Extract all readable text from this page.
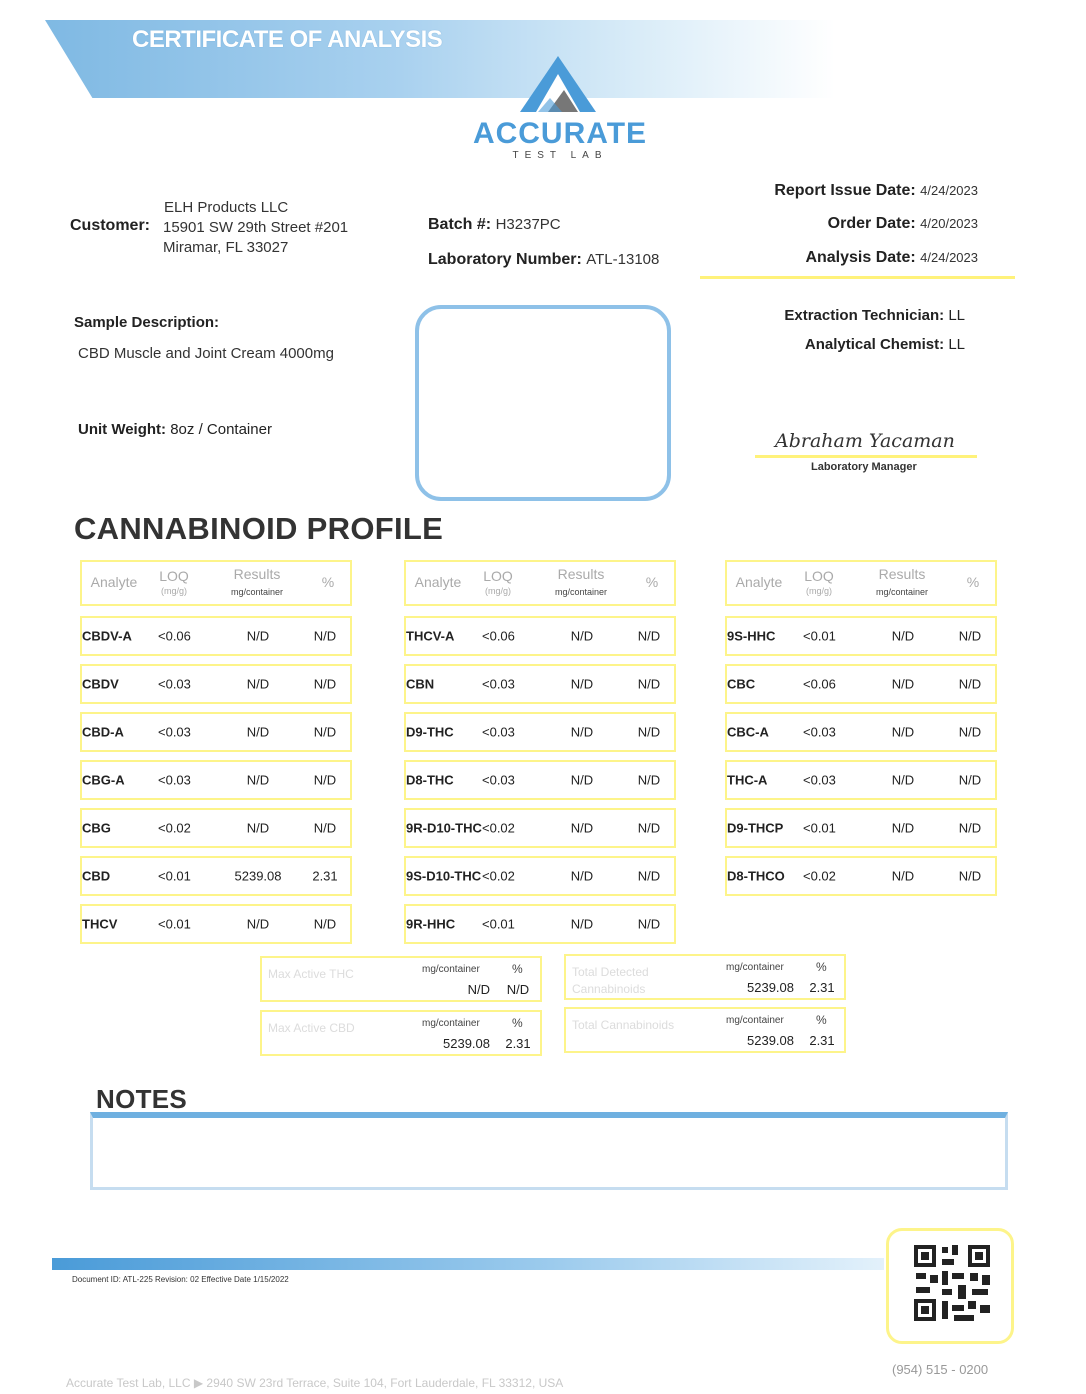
CERTIFICATE OF ANALYSIS
ACCURATE
TEST LAB
Customer:
ELH Products LLC
15901 SW 29th Street #201
Miramar, FL 33027
Batch #: H3237PC
Laboratory Number: ATL-13108
Report Issue Date: 4/24/2023
Order Date: 4/20/2023
Analysis Date: 4/24/2023
Sample Description:
CBD Muscle and Joint Cream 4000mg
Unit Weight: 8oz / Container
Extraction Technician: LL
Analytical Chemist: LL
Abraham Yacaman
Laboratory Manager
CANNABINOID PROFILE
Analyte	LOQ
(mg/g)
Results
mg/container
%
CBDV-A <0.06	N/D	N/D
CBDV	<0.03	N/D	N/D
CBD-A	<0.03	N/D	N/D
CBG-A	<0.03	N/D	N/D
CBG	<0.02	N/D	N/D
CBD	<0.01	5239.08	2.31
THCV	<0.01	N/D	N/D
Analyte	LOQ
(mg/g)
Results
mg/container
%
THCV-A <0.06	N/D	N/D
CBN	<0.03	N/D	N/D
D9-THC <0.03	N/D	N/D
D8-THC <0.03	N/D	N/D
9R-D10-THC <0.02	N/D	N/D
9S-D10-THC <0.02	N/D	N/D
9R-HHC <0.01	N/D	N/D
Analyte	LOQ
(mg/g)
Results
mg/container
%
9S-HHC <0.01	N/D	N/D
CBC	<0.06	N/D	N/D
CBC-A	<0.03	N/D	N/D
THC-A	<0.03	N/D	N/D
D9-THCP <0.01	N/D	N/D
D8-THCO <0.02	N/D	N/D
Max Active THC	mg/container	%
N/D	N/D
Max Active CBD	mg/container	%
5239.08	2.31
Total Detected Cannabinoids
mg/container	%
5239.08	2.31
Total Cannabinoids	mg/container	%
5239.08	2.31
NOTES
Document ID: ATL-225 Revision: 02 Effective Date 1/15/2022
Accurate Test Lab, LLC ▶ 2940 SW 23rd Terrace, Suite 104, Fort Lauderdale, FL 33312, USA
(954) 515 - 0200
